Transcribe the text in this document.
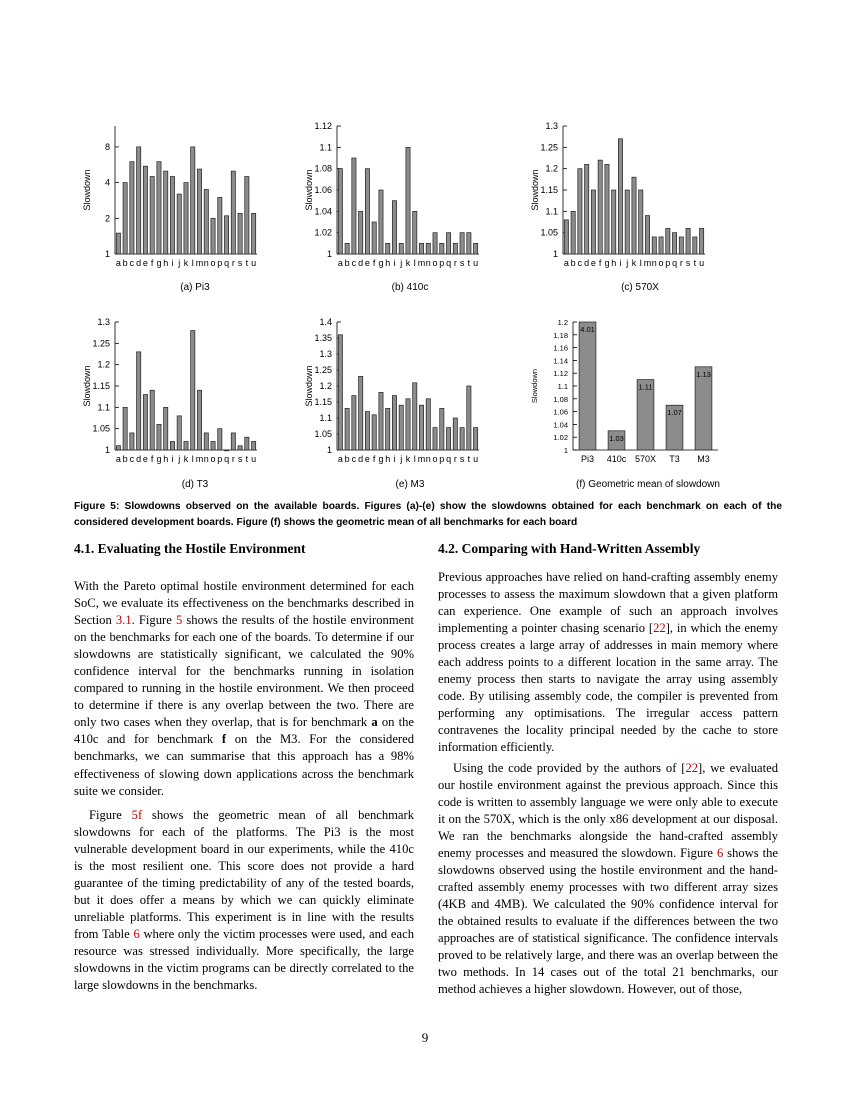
1
2
4
8
Slowdown
a b c d e f g h i j k l m n o p q r s t u
1
1.02
1.04
1.06
1.08
1.1
1.12
Slowdown
a b c d e f g h i j k l m n o p q r s t u
1
1.05
1.1
1.15
1.2
1.25
1.3
Slowdown
a b c d e f g h i j k l m n o p q r s t u
1
1.05
1.1
1.15
1.2
1.25
1.3
Slowdown
a b c d e f g h i j k l m n o p q r s t u
1
1.05
1.1
1.15
1.2
1.25
1.3
1.35
1.4
Slowdown
a b c d e f g h i j k l m n o p q r s t u
1
1.02
1.04
1.06
1.08
1.1
1.12
1.14
1.16
1.18
1.2
Slowdown
Pi3
4.01
410c
1.03
570X
1.11
T3
1.07
M3
1.13
(a) Pi3	(b) 410c	(c) 570X
(d) T3	(e) M3	(f) Geometric mean of slowdown
Figure 5: Slowdowns observed on the available boards. Figures (a)-(e) show the slowdowns obtained for each benchmark on each of the considered development boards. Figure (f) shows the geometric mean of all benchmarks for each board
4.1. Evaluating the Hostile Environment	4.2. Comparing with Hand-Written Assembly

With the Pareto optimal hostile environment determined for each SoC, we evaluate its effectiveness on the benchmarks described in Section 3.1. Figure 5 shows the results of the hostile environment on the benchmarks for each one of the boards. To determine if our slowdowns are statistically significant, we calculated the 90% confidence interval for the benchmarks running in isolation compared to running in the hostile environment. We then proceed to determine if there is any overlap between the two. There are only two cases when they overlap, that is for benchmark a on the 410c and for benchmark f on the M3. For the considered benchmarks, we can summarise that this approach has a 98% effectiveness of slowing down applications across the benchmark suite we consider.

Figure 5f shows the geometric mean of all benchmark slowdowns for each of the platforms. The Pi3 is the most vulnerable development board in our experiments, while the 410c is the most resilient one. This score does not provide a hard guarantee of the timing predictability of any of the tested boards, but it does offer a means by which we can quickly eliminate unreliable platforms. This experiment is in line with the results from Table 6 where only the victim processes were used, and each resource was stressed individually. More specifically, the large slowdowns in the victim programs can be directly correlated to the large slowdowns in the benchmarks.

Previous approaches have relied on hand-crafting assembly enemy processes to assess the maximum slowdown that a given platform can experience. One example of such an approach involves implementing a pointer chasing scenario [22], in which the enemy process creates a large array of addresses in main memory where each address points to a different location in the same array. The enemy process then starts to navigate the array using assembly code. By utilising assembly code, the compiler is prevented from performing any optimisations. The irregular access pattern contravenes the locality principal needed by the cache to store information efficiently.

Using the code provided by the authors of [22], we evaluated our hostile environment against the previous approach. Since this code is written to assembly language we were only able to execute it on the 570X, which is the only x86 development at our disposal. We ran the benchmarks alongside the hand-crafted assembly enemy processes and measured the slowdown. Figure 6 shows the slowdowns observed using the hostile environment and the hand-crafted assembly enemy processes with two different array sizes (4KB and 4MB). We calculated the 90% confidence interval for the obtained results to evaluate if the differences between the two approaches are of statistical significance. The confidence intervals proved to be relatively large, and there was an overlap between the two methods. In 14 cases out of the total 21 benchmarks, our method achieves a higher slowdown. However, out of those,

9
